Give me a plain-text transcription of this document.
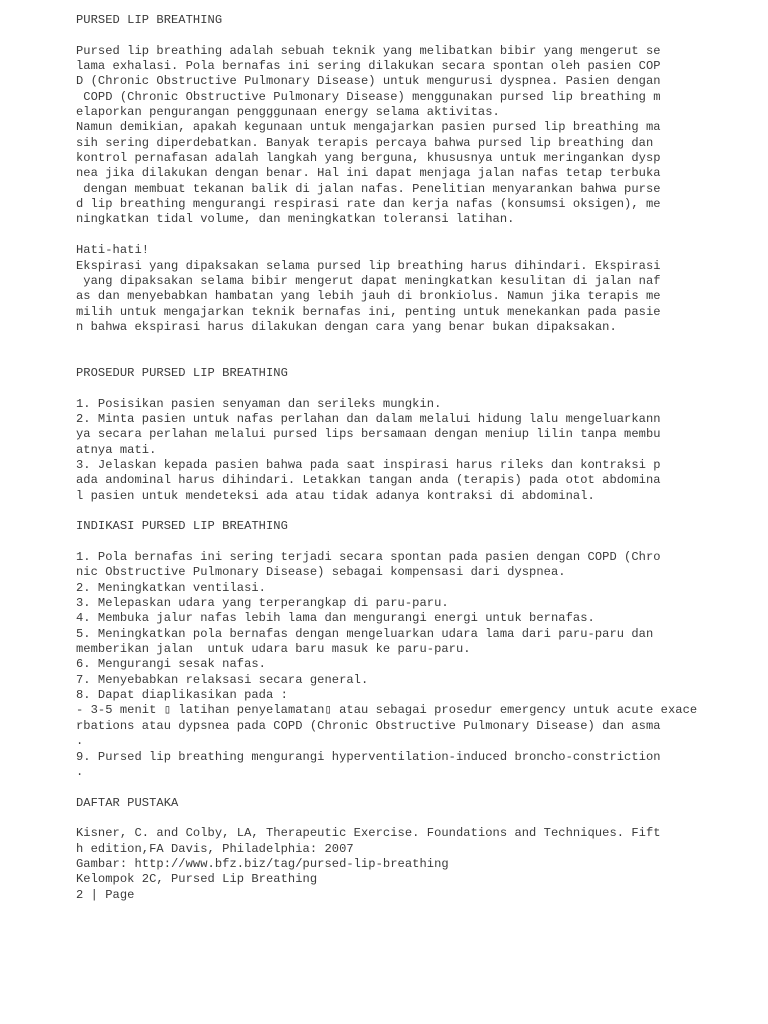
PURSED LIP BREATHING
Pursed lip breathing adalah sebuah teknik yang melibatkan bibir yang mengerut se
lama exhalasi. Pola bernafas ini sering dilakukan secara spontan oleh pasien COP
D (Chronic Obstructive Pulmonary Disease) untuk mengurusi dyspnea. Pasien dengan
COPD (Chronic Obstructive Pulmonary Disease) menggunakan pursed lip breathing m
elaporkan pengurangan pengggunaan energy selama aktivitas.
Namun demikian, apakah kegunaan untuk mengajarkan pasien pursed lip breathing ma
sih sering diperdebatkan. Banyak terapis percaya bahwa pursed lip breathing dan
kontrol pernafasan adalah langkah yang berguna, khususnya untuk meringankan dysp
nea jika dilakukan dengan benar. Hal ini dapat menjaga jalan nafas tetap terbuka
dengan membuat tekanan balik di jalan nafas. Penelitian menyarankan bahwa purse
d lip breathing mengurangi respirasi rate dan kerja nafas (konsumsi oksigen), me
ningkatkan tidal volume, dan meningkatkan toleransi latihan.
Hati-hati!
Ekspirasi yang dipaksakan selama pursed lip breathing harus dihindari. Ekspirasi
yang dipaksakan selama bibir mengerut dapat meningkatkan kesulitan di jalan naf
as dan menyebabkan hambatan yang lebih jauh di bronkiolus. Namun jika terapis me
milih untuk mengajarkan teknik bernafas ini, penting untuk menekankan pada pasie
n bahwa ekspirasi harus dilakukan dengan cara yang benar bukan dipaksakan.
PROSEDUR PURSED LIP BREATHING
1. Posisikan pasien senyaman dan serileks mungkin.
2. Minta pasien untuk nafas perlahan dan dalam melalui hidung lalu mengeluarkann
ya secara perlahan melalui pursed lips bersamaan dengan meniup lilin tanpa membu
atnya mati.
3. Jelaskan kepada pasien bahwa pada saat inspirasi harus rileks dan kontraksi p
ada andominal harus dihindari. Letakkan tangan anda (terapis) pada otot abdomina
l pasien untuk mendeteksi ada atau tidak adanya kontraksi di abdominal.
INDIKASI PURSED LIP BREATHING
1. Pola bernafas ini sering terjadi secara spontan pada pasien dengan COPD (Chro
nic Obstructive Pulmonary Disease) sebagai kompensasi dari dyspnea.
2. Meningkatkan ventilasi.
3. Melepaskan udara yang terperangkap di paru-paru.
4. Membuka jalur nafas lebih lama dan mengurangi energi untuk bernafas.
5. Meningkatkan pola bernafas dengan mengeluarkan udara lama dari paru-paru dan
memberikan jalan  untuk udara baru masuk ke paru-paru.
6. Mengurangi sesak nafas.
7. Menyebabkan relaksasi secara general.
8. Dapat diaplikasikan pada :
- 3-5 menit ▯ latihan penyelamatan▯ atau sebagai prosedur emergency untuk acute exace
rbations atau dypsnea pada COPD (Chronic Obstructive Pulmonary Disease) dan asma
.
9. Pursed lip breathing mengurangi hyperventilation-induced broncho-constriction
.
DAFTAR PUSTAKA
Kisner, C. and Colby, LA, Therapeutic Exercise. Foundations and Techniques. Fift
h edition,FA Davis, Philadelphia: 2007
Gambar: http://www.bfz.biz/tag/pursed-lip-breathing
Kelompok 2C, Pursed Lip Breathing
2 | Page
